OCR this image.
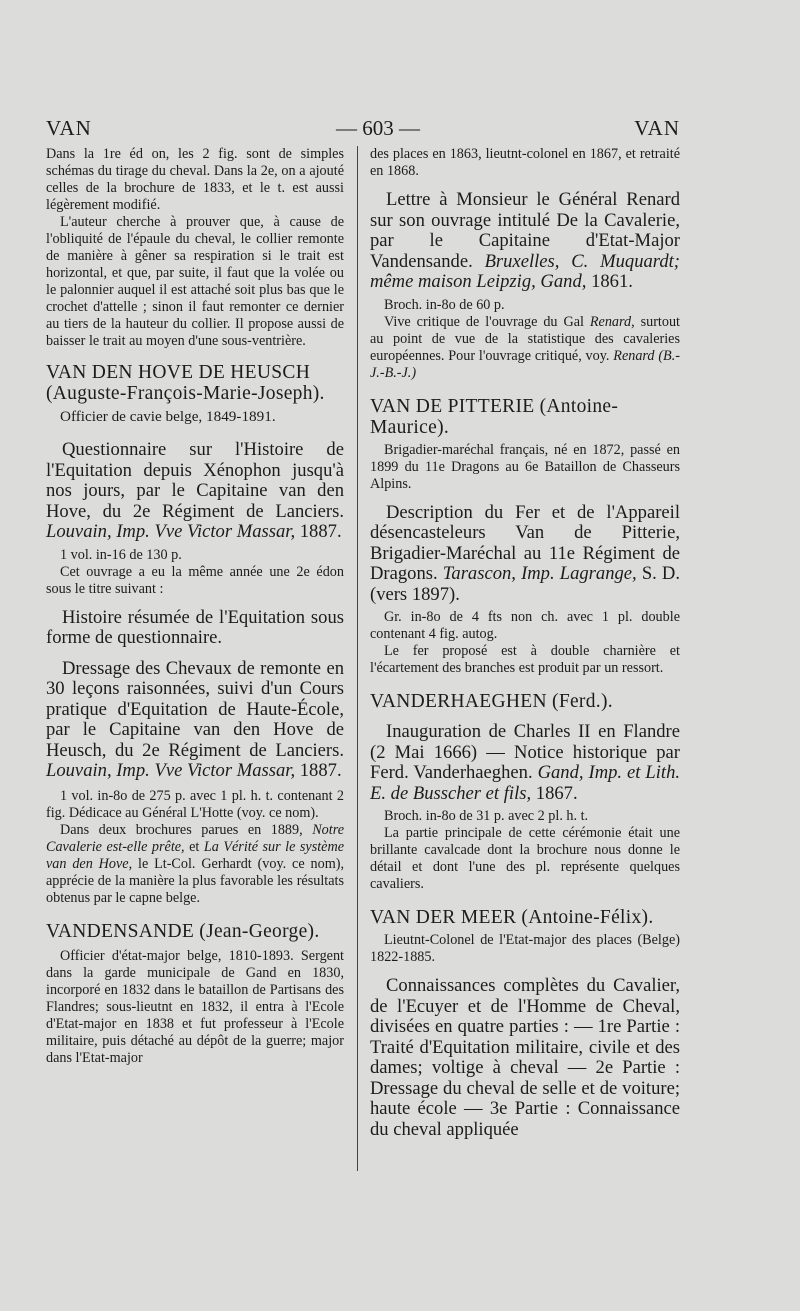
VAN	— 603 —	VAN

Dans la 1re éd on, les 2 fig. sont de simples schémas du tirage du cheval. Dans la 2e, on a ajouté celles de la brochure de 1833, et le t. est aussi légèrement modifié.

L'auteur cherche à prouver que, à cause de l'obliquité de l'épaule du cheval, le collier remonte de manière à gêner sa respiration si le trait est horizontal, et que, par suite, il faut que la volée ou le palonnier auquel il est attaché soit plus bas que le crochet d'attelle ; sinon il faut remonter ce dernier au tiers de la hauteur du collier. Il propose aussi de baisser le trait au moyen d'une sous-ventrière.

VAN DEN HOVE DE HEUSCH (Auguste-François-Marie-Joseph).

Officier de cavie belge, 1849-1891.

Questionnaire sur l'Histoire de l'Equitation depuis Xénophon jusqu'à nos jours, par le Capitaine van den Hove, du 2e Régiment de Lanciers. Louvain, Imp. Vve Victor Massar, 1887.

1 vol. in-16 de 130 p.

Cet ouvrage a eu la même année une 2e édon sous le titre suivant :

Histoire résumée de l'Equitation sous forme de questionnaire.

Dressage des Chevaux de remonte en 30 leçons raisonnées, suivi d'un Cours pratique d'Equitation de Haute-École, par le Capitaine van den Hove de Heusch, du 2e Régiment de Lanciers. Louvain, Imp. Vve Victor Massar, 1887.

1 vol. in-8o de 275 p. avec 1 pl. h. t. contenant 2 fig. Dédicace au Général L'Hotte (voy. ce nom).

Dans deux brochures parues en 1889, Notre Cavalerie est-elle prête, et La Vérité sur le système van den Hove, le Lt-Col. Gerhardt (voy. ce nom), apprécie de la manière la plus favorable les résultats obtenus par le capne belge.

VANDENSANDE (Jean-George).

Officier d'état-major belge, 1810-1893. Sergent dans la garde municipale de Gand en 1830, incorporé en 1832 dans le bataillon de Partisans des Flandres; sous-lieutnt en 1832, il entra à l'Ecole d'Etat-major en 1838 et fut professeur à l'Ecole militaire, puis détaché au dépôt de la guerre; major dans l'Etat-major

des places en 1863, lieutnt-colonel en 1867, et retraité en 1868.

Lettre à Monsieur le Général Renard sur son ouvrage intitulé De la Cavalerie, par le Capitaine d'Etat-Major Vandensande. Bruxelles, C. Muquardt; même maison Leipzig, Gand, 1861.

Broch. in-8o de 60 p.

Vive critique de l'ouvrage du Gal Renard, surtout au point de vue de la statistique des cavaleries européennes. Pour l'ouvrage critiqué, voy. Renard (B.-J.-B.-J.)

VAN DE PITTERIE (Antoine-Maurice).

Brigadier-maréchal français, né en 1872, passé en 1899 du 11e Dragons au 6e Bataillon de Chasseurs Alpins.

Description du Fer et de l'Appareil désencasteleurs Van de Pitterie, Brigadier-Maréchal au 11e Régiment de Dragons. Tarascon, Imp. Lagrange, S. D. (vers 1897).

Gr. in-8o de 4 fts non ch. avec 1 pl. double contenant 4 fig. autog.

Le fer proposé est à double charnière et l'écartement des branches est produit par un ressort.

VANDERHAEGHEN (Ferd.).

Inauguration de Charles II en Flandre (2 Mai 1666) — Notice historique par Ferd. Vanderhaeghen. Gand, Imp. et Lith. E. de Busscher et fils, 1867.

Broch. in-8o de 31 p. avec 2 pl. h. t.

La partie principale de cette cérémonie était une brillante cavalcade dont la brochure nous donne le détail et dont l'une des pl. représente quelques cavaliers.

VAN DER MEER (Antoine-Félix).

Lieutnt-Colonel de l'Etat-major des places (Belge) 1822-1885.

Connaissances complètes du Cavalier, de l'Ecuyer et de l'Homme de Cheval, divisées en quatre parties : — 1re Partie : Traité d'Equitation militaire, civile et des dames; voltige à cheval — 2e Partie : Dressage du cheval de selle et de voiture; haute école — 3e Partie : Connaissance du cheval appliquée
